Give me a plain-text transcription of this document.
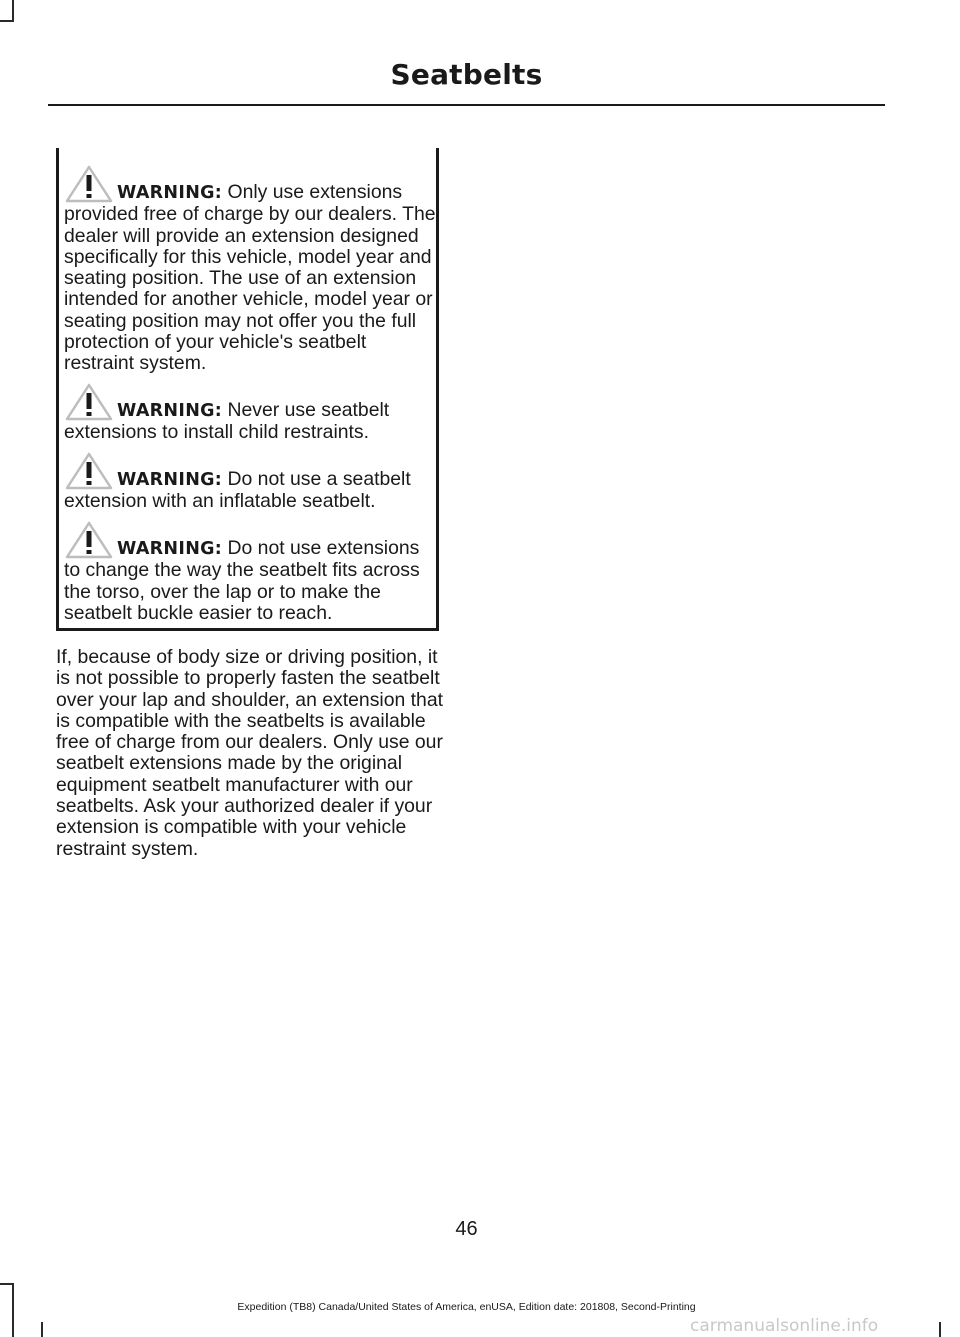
Seatbelts

WARNING: Only use extensions provided free of charge by our dealers. The dealer will provide an extension designed specifically for this vehicle, model year and seating position. The use of an extension intended for another vehicle, model year or seating position may not offer you the full protection of your vehicle's seatbelt restraint system.

WARNING: Never use seatbelt extensions to install child restraints.

WARNING: Do not use a seatbelt extension with an inflatable seatbelt.

WARNING: Do not use extensions to change the way the seatbelt fits across the torso, over the lap or to make the seatbelt buckle easier to reach.

If, because of body size or driving position, it is not possible to properly fasten the seatbelt over your lap and shoulder, an extension that is compatible with the seatbelts is available free of charge from our dealers. Only use our seatbelt extensions made by the original equipment seatbelt manufacturer with our seatbelts. Ask your authorized dealer if your extension is compatible with your vehicle restraint system.

46

Expedition (TB8) Canada/United States of America, enUSA, Edition date: 201808, Second-Printing

carmanualsonline.info
